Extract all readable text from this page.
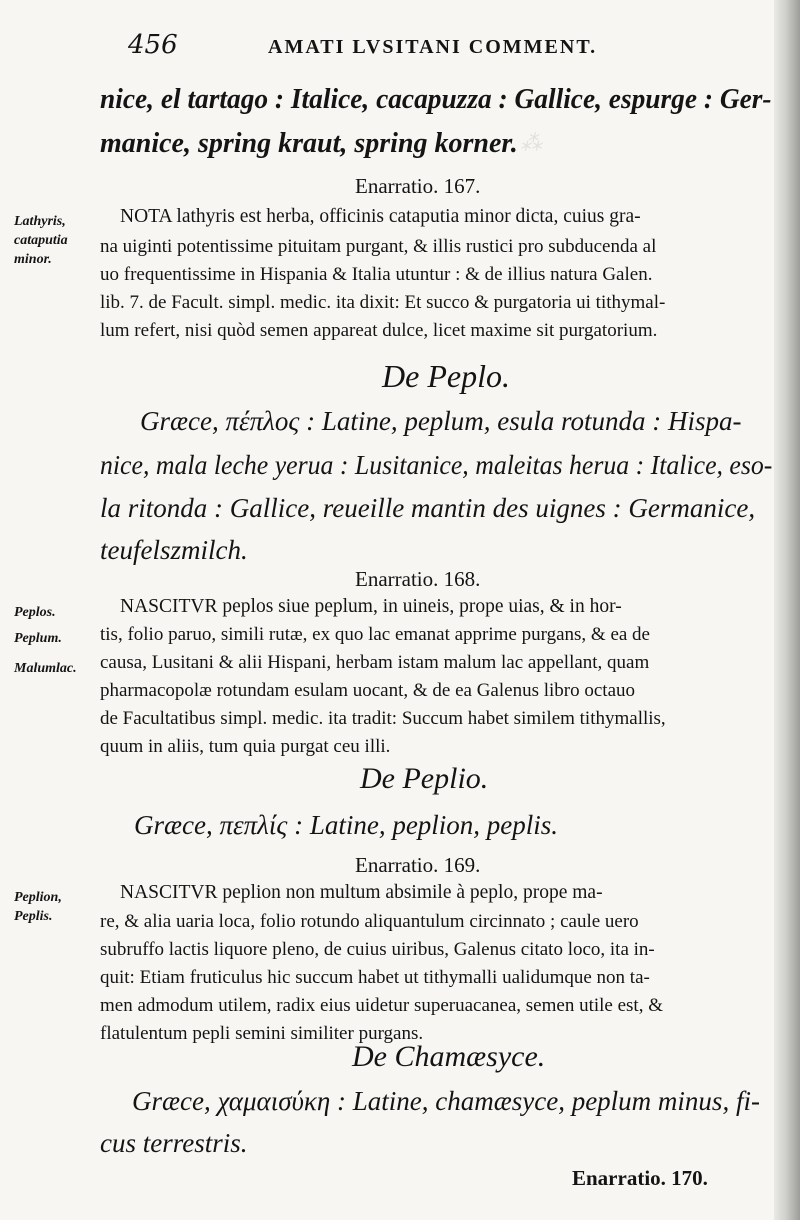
⁂
456	AMATI LVSITANI COMMENT.
nice, el tartago : Italice, cacapuzza : Gallice, espurge : Ger-
manice, spring kraut, spring korner.
Enarratio. 167.
Lathyris,
cataputia
minor.
NOTA lathyris est herba, officinis cataputia minor dicta, cuius gra-
na uiginti potentissime pituitam purgant, & illis rustici pro subducenda al
uo frequentissime in Hispania & Italia utuntur : & de illius natura Galen.
lib. 7. de Facult. simpl. medic. ita dixit: Et succo & purgatoria ui tithymal-
lum refert, nisi quòd semen appareat dulce, licet maxime sit purgatorium.
De Peplo.
Græce, πέπλος : Latine, peplum, esula rotunda : Hispa-
nice, mala leche yerua : Lusitanice, maleitas herua : Italice, eso-
la ritonda : Gallice, reueille mantin des uignes : Germanice,
teufelszmilch.
Enarratio. 168.
Peplos.
Peplum.
Malumlac.
NASCITVR peplos siue peplum, in uineis, prope uias, & in hor-
tis, folio paruo, simili rutæ, ex quo lac emanat apprime purgans, & ea de
causa, Lusitani & alii Hispani, herbam istam malum lac appellant, quam
pharmacopolæ rotundam esulam uocant, & de ea Galenus libro octauo
de Facultatibus simpl. medic. ita tradit: Succum habet similem tithymallis,
quum in aliis, tum quia purgat ceu illi.
De Peplio.
Græce, πεπλίς : Latine, peplion, peplis.
Enarratio. 169.
Peplion,
Peplis.
NASCITVR peplion non multum absimile à peplo, prope ma-
re, & alia uaria loca, folio rotundo aliquantulum circinnato ; caule uero
subruffo lactis liquore pleno, de cuius uiribus, Galenus citato loco, ita in-
quit: Etiam fruticulus hic succum habet ut tithymalli ualidumque non ta-
men admodum utilem, radix eius uidetur superuacanea, semen utile est, &
flatulentum pepli semini similiter purgans.
De Chamæsyce.
Græce, χαμαισύκη : Latine, chamæsyce, peplum minus, fi-
cus terrestris.
Enarratio. 170.
